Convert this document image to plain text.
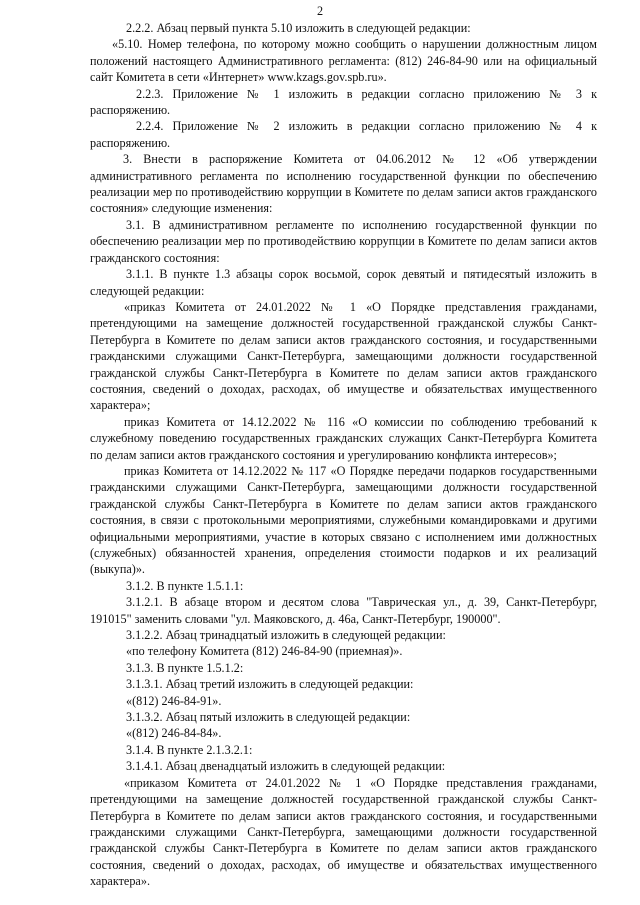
2

2.2.2. Абзац первый пункта 5.10 изложить в следующей редакции:

«5.10. Номер телефона, по которому можно сообщить о нарушении должностным лицом положений настоящего Административного регламента: (812) 246-84-90 или на официальный сайт Комитета в сети «Интернет» www.kzags.gov.spb.ru».

2.2.3. Приложение № 1 изложить в редакции согласно приложению № 3 к распоряжению.

2.2.4. Приложение № 2 изложить в редакции согласно приложению № 4 к распоряжению.

3. Внести в распоряжение Комитета от 04.06.2012 № 12 «Об утверждении административного регламента по исполнению государственной функции по обеспечению реализации мер по противодействию коррупции в Комитете по делам записи актов гражданского состояния» следующие изменения:

3.1. В административном регламенте по исполнению государственной функции по обеспечению реализации мер по противодействию коррупции в Комитете по делам записи актов гражданского состояния:

3.1.1. В пункте 1.3 абзацы сорок восьмой, сорок девятый и пятидесятый изложить в следующей редакции:

«приказ Комитета от 24.01.2022 № 1 «О Порядке представления гражданами, претендующими на замещение должностей государственной гражданской службы Санкт-Петербурга в Комитете по делам записи актов гражданского состояния, и государственными гражданскими служащими Санкт-Петербурга, замещающими должности государственной гражданской службы Санкт-Петербурга в Комитете по делам записи актов гражданского состояния, сведений о доходах, расходах, об имуществе и обязательствах имущественного характера»;

приказ Комитета от 14.12.2022 № 116 «О комиссии по соблюдению требований к служебному поведению государственных гражданских служащих Санкт-Петербурга Комитета по делам записи актов гражданского состояния и урегулированию конфликта интересов»;

приказ Комитета от 14.12.2022 № 117 «О Порядке передачи подарков государственными гражданскими служащими Санкт-Петербурга, замещающими должности государственной гражданской службы Санкт-Петербурга в Комитете по делам записи актов гражданского состояния, в связи с протокольными мероприятиями, служебными командировками и другими официальными мероприятиями, участие в которых связано с исполнением ими должностных (служебных) обязанностей хранения, определения стоимости подарков и их реализаций (выкупа)».

3.1.2. В пункте 1.5.1.1:

3.1.2.1. В абзаце втором и десятом слова "Таврическая ул., д. 39, Санкт-Петербург, 191015" заменить словами "ул. Маяковского, д. 46а, Санкт-Петербург, 190000".

3.1.2.2. Абзац тринадцатый изложить в следующей редакции:

«по телефону Комитета (812) 246-84-90 (приемная)».

3.1.3. В пункте 1.5.1.2:

3.1.3.1. Абзац третий изложить в следующей редакции:

«(812) 246-84-91».

3.1.3.2. Абзац пятый изложить в следующей редакции:

«(812) 246-84-84».

3.1.4. В пункте 2.1.3.2.1:

3.1.4.1. Абзац двенадцатый изложить в следующей редакции:

«приказом Комитета от 24.01.2022 № 1 «О Порядке представления гражданами, претендующими на замещение должностей государственной гражданской службы Санкт-Петербурга в Комитете по делам записи актов гражданского состояния, и государственными гражданскими служащими Санкт-Петербурга, замещающими должности государственной гражданской службы Санкт-Петербурга в Комитете по делам записи актов гражданского состояния, сведений о доходах, расходах, об имуществе и обязательствах имущественного характера».
